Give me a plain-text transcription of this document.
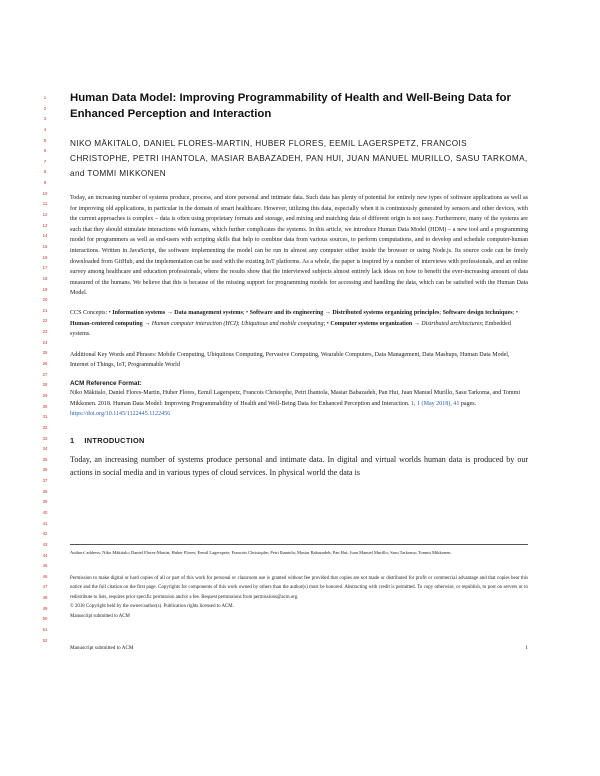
1
2
3
4
5
6
7
8
9
10
11
12
13
14
15
16
17
18
19
20
21
22
23
24
25
26
27
28
29
30
31
32
33
34
35
36
37
38
39
40
41
42
43
44
45
46
47
48
49
50
51
52
Human Data Model: Improving Programmability of Health and Well-Being Data for Enhanced Perception and Interaction

NIKO MÄKITALO, DANIEL FLORES-MARTIN, HUBER FLORES, EEMIL LAGERSPETZ, FRANCOIS CHRISTOPHE, PETRI IHANTOLA, MASIAR BABAZADEH, PAN HUI, JUAN MANUEL MURILLO, SASU TARKOMA, and TOMMI MIKKONEN

Today, an increasing number of systems produce, process, and store personal and intimate data. Such data has plenty of potential for entirely new types of software applications as well as for improving old applications, in particular in the domain of smart healthcare. However, utilizing this data, especially when it is continuously generated by sensors and other devices, with the current approaches is complex – data is often using proprietary formats and storage, and mixing and matching data of different origin is not easy. Furthermore, many of the systems are such that they should stimulate interactions with humans, which further complicates the systems. In this article, we introduce Human Data Model (HDM) – a new tool and a programming model for programmers as well as end-users with scripting skills that help to combine data from various sources, to perform computations, and to develop and schedule computer-human interactions. Written in JavaScript, the software implementing the model can be run in almost any computer either inside the browser or using Node.js. Its source code can be freely downloaded from GitHub, and the implementation can be used with the existing IoT platforms. As a whole, the paper is inspired by a number of interviews with professionals, and an online survey among healthcare and education professionals, where the results show that the interviewed subjects almost entirely lack ideas on how to benefit the ever-increasing amount of data measured of the humans. We believe that this is because of the missing support for programming models for accessing and handling the data, which can be satisfied with the Human Data Model.

CCS Concepts: • Information systems → Data management systems; • Software and its engineering → Distributed systems organizing principles; Software design techniques; • Human-centered computing → Human computer interaction (HCI); Ubiquitous and mobile computing; • Computer systems organization → Distributed architectures; Embedded systems.

Additional Key Words and Phrases: Mobile Computing, Ubiquitous Computing, Pervasive Computing, Wearable Computers, Data Management, Data Mashups, Human Data Model, Internet of Things, IoT, Programmable World

ACM Reference Format:

Niko Mäkitalo, Daniel Flores-Martin, Huber Flores, Eemil Lagerspetz, Francois Christophe, Petri Ihantola, Masiar Babazadeh, Pan Hui, Juan Manuel Murillo, Sasu Tarkoma, and Tommi Mikkonen. 2018. Human Data Model: Improving Programmability of Health and Well-Being Data for Enhanced Perception and Interaction. 1, 1 (May 2018), 41 pages. https://doi.org/10.1145/1122445.1122456

1 INTRODUCTION

Today, an increasing number of systems produce personal and intimate data. In digital and virtual worlds human data is produced by our actions in social media and in various types of cloud services. In physical world the data is

Authors' address: Niko Mäkitalo; Daniel Flores-Martin; Huber Flores; Eemil Lagerspetz; Francois Christophe; Petri Ihantola; Masiar Babazadeh; Pan Hui; Juan Manuel Murillo; Sasu Tarkoma; Tommi Mikkonen.
Permission to make digital or hard copies of all or part of this work for personal or classroom use is granted without fee provided that copies are not made or distributed for profit or commercial advantage and that copies bear this notice and the full citation on the first page. Copyrights for components of this work owned by others than the author(s) must be honored. Abstracting with credit is permitted. To copy otherwise, or republish, to post on servers or to redistribute to lists, requires prior specific permission and/or a fee. Request permissions from permissions@acm.org.
© 2018 Copyright held by the owner/author(s). Publication rights licensed to ACM.
Manuscript submitted to ACM
Manuscript submitted to ACM	1
